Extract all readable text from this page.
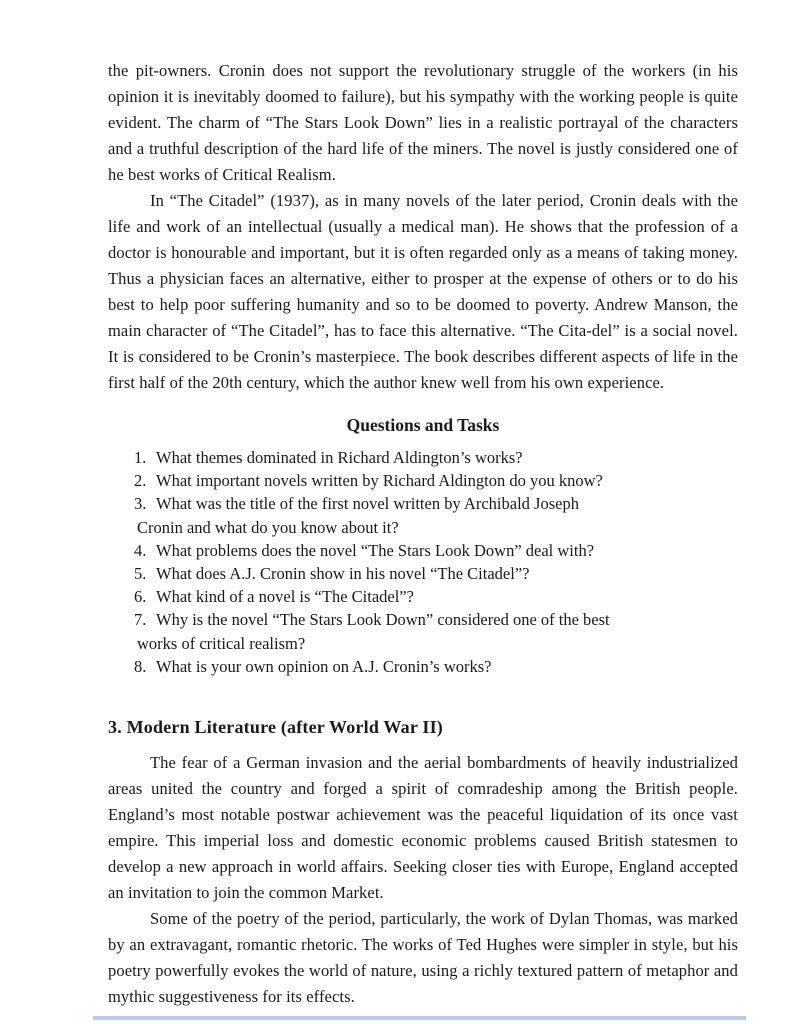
the pit-owners. Cronin does not support the revolutionary struggle of the workers (in his opinion it is inevitably doomed to failure), but his sympathy with the working people is quite evident. The charm of “The Stars Look Down” lies in a realistic portrayal of the characters and a truthful description of the hard life of the miners. The novel is justly considered one of he best works of Critical Realism.

In “The Citadel” (1937), as in many novels of the later period, Cronin deals with the life and work of an intellectual (usually a medical man). He shows that the profession of a doctor is honourable and important, but it is often regarded only as a means of taking money. Thus a physician faces an alternative, either to prosper at the expense of others or to do his best to help poor suffering humanity and so to be doomed to poverty. Andrew Manson, the main character of “The Citadel”, has to face this alternative. “The Cita-del” is a social novel. It is considered to be Cronin’s masterpiece. The book describes different aspects of life in the first half of the 20th century, which the author knew well from his own experience.

Questions and Tasks
1. What themes dominated in Richard Aldington’s works?
2. What important novels written by Richard Aldington do you know?
3. What was the title of the first novel written by Archibald Joseph
Cronin and what do you know about it?
4. What problems does the novel “The Stars Look Down” deal with?
5. What does A.J. Cronin show in his novel “The Citadel”?
6. What kind of a novel is “The Citadel”?
7. Why is the novel “The Stars Look Down” considered one of the best
works of critical realism?
8. What is your own opinion on A.J. Cronin’s works?
3. Modern Literature (after World War II)

The fear of a German invasion and the aerial bombardments of heavily industrialized areas united the country and forged a spirit of comradeship among the British people. England’s most notable postwar achievement was the peaceful liquidation of its once vast empire. This imperial loss and domestic economic problems caused British statesmen to develop a new approach in world affairs. Seeking closer ties with Europe, England accepted an invitation to join the common Market.

Some of the poetry of the period, particularly, the work of Dylan Thomas, was marked by an extravagant, romantic rhetoric. The works of Ted Hughes were simpler in style, but his poetry powerfully evokes the world of nature, using a richly textured pattern of metaphor and mythic suggestiveness for its effects.
